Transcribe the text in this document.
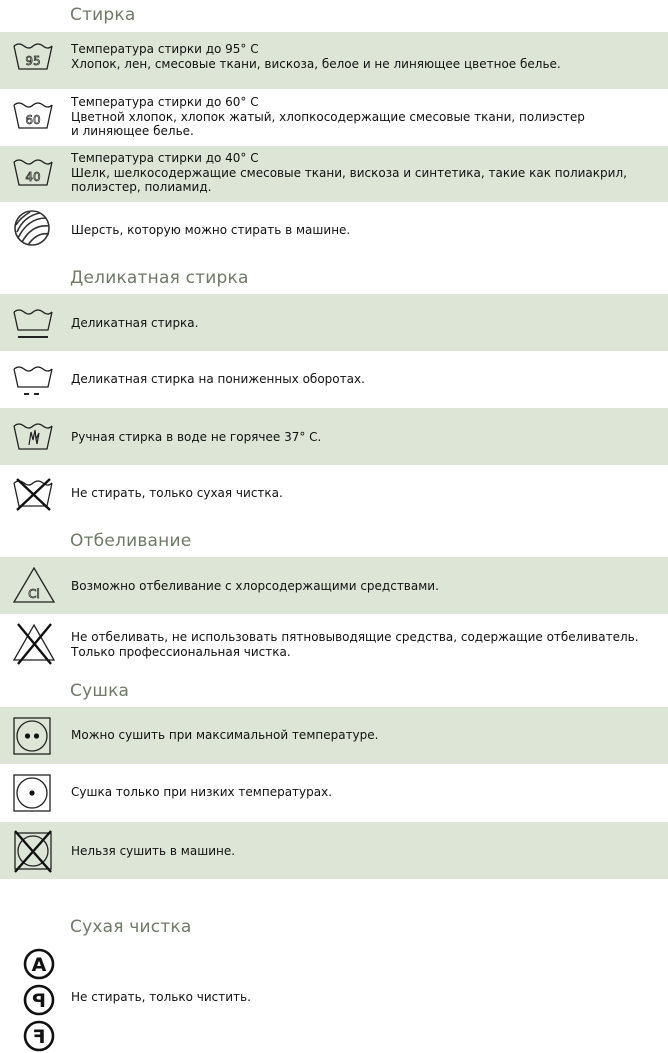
Стирка
95
Температура стирки до 95° С
Хлопок, лен, смесовые ткани, вискоза, белое и не линяющее цветное белье.
60
Температура стирки до 60° С
Цветной хлопок, хлопок жатый, хлопкосодержащие смесовые ткани, полиэстер
и линяющее белье.
40
Температура стирки до 40° С
Шелк, шелкосодержащие смесовые ткани, вискоза и синтетика, такие как полиакрил,
полиэстер, полиамид.
Шерсть, которую можно стирать в машине.
Деликатная стирка
Деликатная стирка.
Деликатная стирка на пониженных оборотах.
Ручная стирка в воде не горячее 37° С.
Не стирать, только сухая чистка.
Отбеливание
Cl
Возможно отбеливание с хлорсодержащими средствами.
Не отбеливать, не использовать пятновыводящие средства, содержащие отбеливатель.
Только профессиональная чистка.
Сушка
Можно сушить при максимальной температуре.
Сушка только при низких температурах.
Нельзя сушить в машине.
Сухая чистка
A
P
F
Не стирать, только чистить.
